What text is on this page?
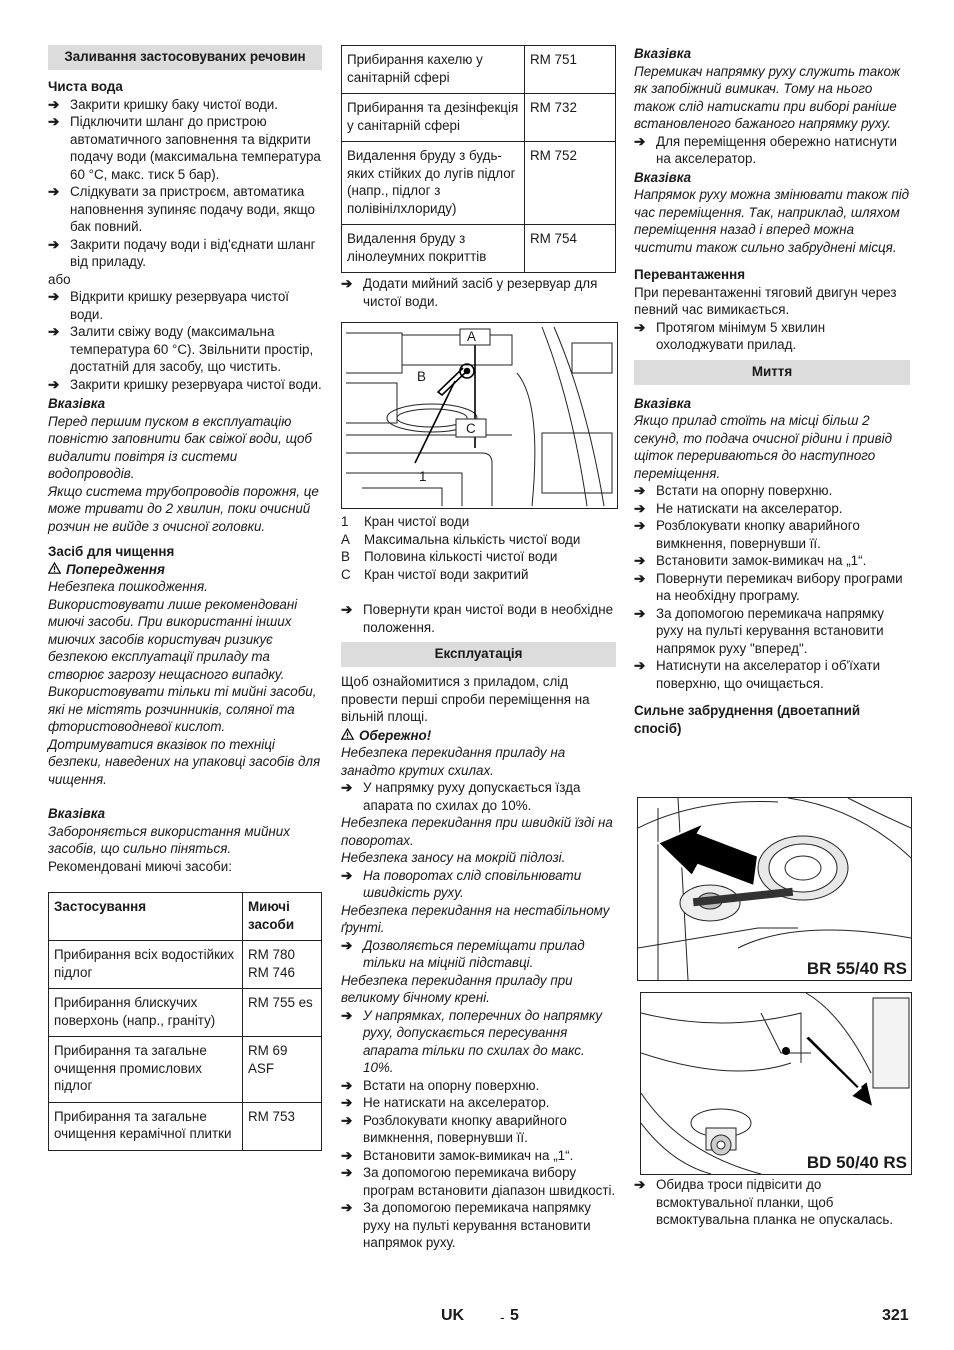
Заливання застосовуваних речовин
Чиста вода
➔ Закрити кришку баку чистої води.
➔ Підключити шланг до пристрою автоматичного заповнення та відкрити подачу води (максимальна температура 60 °C, макс. тиск 5 бар).
➔ Слідкувати за пристроєм, автоматика наповнення зупиняє подачу води, якщо бак повний.
➔ Закрити подачу води і від'єднати шланг від приладу.
або
➔ Відкрити кришку резервуара чистої води.
➔ Залити свіжу воду (максимальна температура 60 °C). Звільнити простір, достатній для засобу, що чистить.
➔ Закрити кришку резервуара чистої води.
Вказівка
Перед першим пуском в експлуатацію повністю заповнити бак свіжої води, щоб видалити повітря із системи водопроводів.
Якщо система трубопроводів порожня, це може тривати до 2 хвилин, поки очисний розчин не вийде з очисної головки.
Засіб для чищення
Попередження
Небезпека пошкодження.
Використовувати лише рекомендовані миючі засоби. При використанні інших миючих засобів користувач ризикує безпекою експлуатації приладу та створює загрозу нещасного випадку.
Використовувати тільки ті мийні засоби, які не містять розчинників, соляної та фтористоводневої кислот.
Дотримуватися вказівок по техніці безпеки, наведених на упаковці засобів для чищення.
Вказівка
Забороняється використання мийних засобів, що сильно піняться.
Рекомендовані миючі засоби:
Застосування	Миючі засоби
Прибирання всіх водостійких підлог	RM 780
RM 746
Прибирання блискучих поверхонь (напр., граніту)	RM 755 es
Прибирання та загальне очищення промислових підлог	RM 69 ASF
Прибирання та загальне очищення керамічної плитки	RM 753
Прибирання кахелю у санітарній сфері	RM 751
Прибирання та дезінфекція у санітарній сфері	RM 732
Видалення бруду з будь-яких стійких до лугів підлог (напр., підлог з полівінілхлориду)	RM 752
Видалення бруду з лінолеумних покриттів	RM 754
➔ Додати мийний засіб у резервуар для чистої води.
A
B
C
1
1	Кран чистої води
A	Максимальна кількість чистої води
B	Половина кількості чистої води
C Кран чистої води закритий
➔ Повернути кран чистої води в необхідне положення.
Експлуатація
Щоб ознайомитися з приладом, слід провести перші спроби переміщення на вільній площі.
Обережно!
Небезпека перекидання приладу на занадто крутих схилах.
➔ У напрямку руху допускається їзда апарата по схилах до 10%.
Небезпека перекидання при швидкій їзді на поворотах.
Небезпека заносу на мокрій підлозі.
➔ На поворотах слід сповільнювати швидкість руху.
Небезпека перекидання на нестабільному ґрунті.
➔ Дозволяється переміщати прилад тільки на міцній підставці.
Небезпека перекидання приладу при великому бічному крені.
➔ У напрямках, поперечних до напрямку руху, допускається пересування апарата тільки по схилах до макс. 10%.
➔ Встати на опорну поверхню.
➔ Не натискати на акселератор.
➔ Розблокувати кнопку аварийного вимкнення, повернувши її.
➔ Встановити замок-вимикач на „1“.
➔ За допомогою перемикача вибору програм встановити діапазон швидкості.
➔ За допомогою перемикача напрямку руху на пульті керування встановити напрямок руху.
Вказівка
Перемикач напрямку руху служить також як запобіжний вимикач. Тому на нього також слід натискати при виборі раніше встановленого бажаного напрямку руху.
➔ Для переміщення обережно натиснути на акселератор.
Вказівка
Напрямок руху можна змінювати також під час переміщення. Так, наприклад, шляхом переміщення назад і вперед можна чистити також сильно забруднені місця.
Перевантаження
При перевантаженні тяговий двигун через певний час вимикається.
➔ Протягом мінімум 5 хвилин охолоджувати прилад.
Миття
Вказівка
Якщо прилад стоїть на місці більш 2 секунд, то подача очисної рідини і привід щіток перериваються до наступного переміщення.
➔ Встати на опорну поверхню.
➔ Не натискати на акселератор.
➔ Розблокувати кнопку аварийного вимкнення, повернувши її.
➔ Встановити замок-вимикач на „1“.
➔ Повернути перемикач вибору програми на необхідну програму.
➔ За допомогою перемикача напрямку руху на пульті керування встановити напрямок руху "вперед".
➔ Натиснути на акселератор і об'їхати поверхню, що очищається.
Сильне забруднення (двоетапний спосіб)
BR 55/40 RS
BD 50/40 RS
➔ Обидва троси підвісити до всмоктувальної планки, щоб всмоктувальна планка не опускалась.
UK	- 5	321
